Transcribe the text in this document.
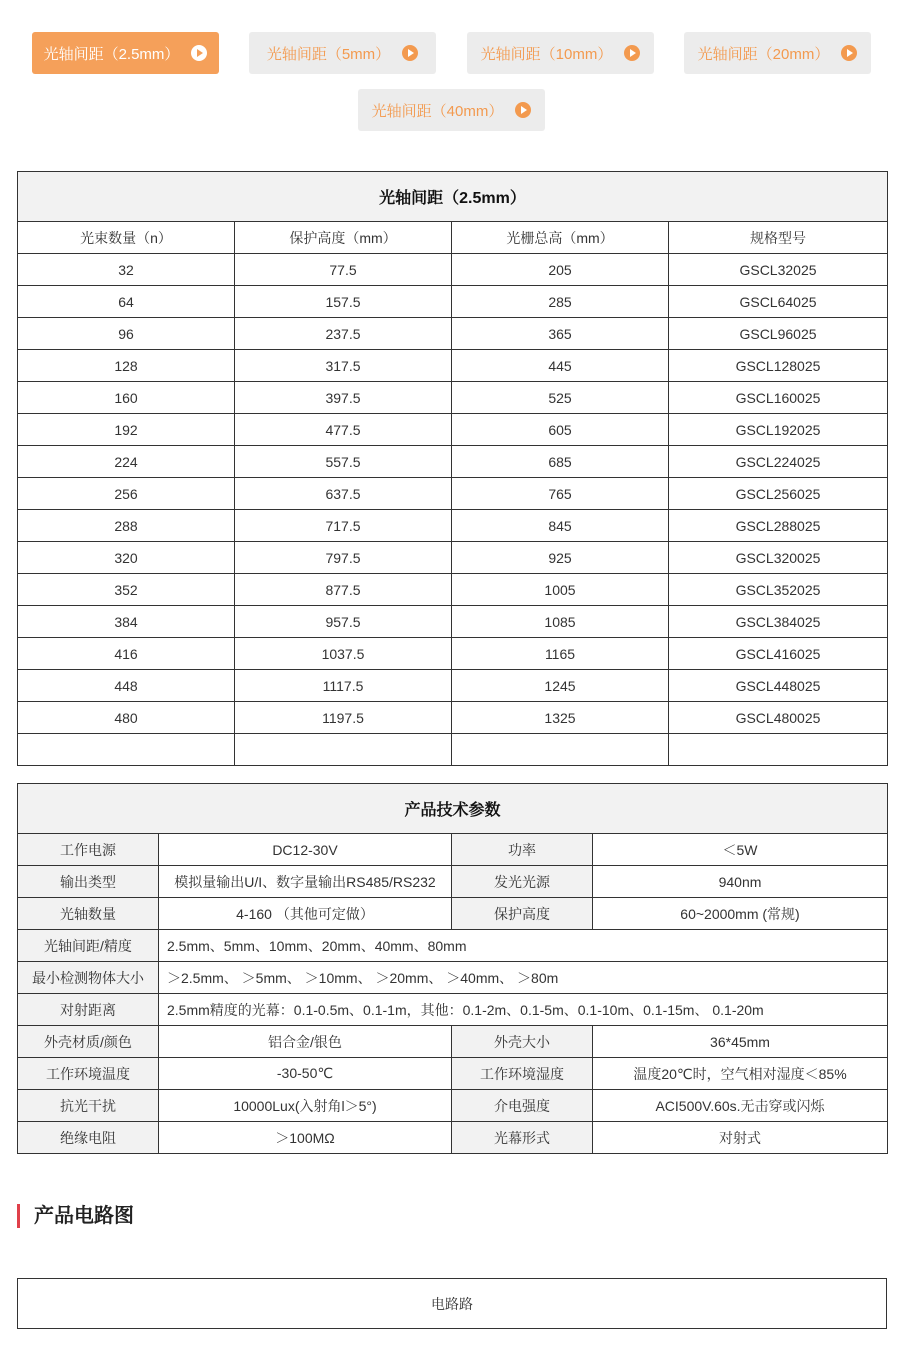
光轴间距（2.5mm）	光轴间距（5mm）	光轴间距（10mm）	光轴间距（20mm）
光轴间距（40mm）
光轴间距（2.5mm）			
光束数量（n）	保护高度（mm）	光栅总高（mm）	规格型号
32	77.5	205	GSCL32025
64	157.5	285	GSCL64025
96	237.5	365	GSCL96025
128	317.5	445	GSCL128025
160	397.5	525	GSCL160025
192	477.5	605	GSCL192025
224	557.5	685	GSCL224025
256	637.5	765	GSCL256025
288	717.5	845	GSCL288025
320	797.5	925	GSCL320025
352	877.5	1005	GSCL352025
384	957.5	1085	GSCL384025
416	1037.5	1165	GSCL416025
448	1117.5	1245	GSCL448025
480	1197.5	1325	GSCL480025

产品技术参数			
工作电源	DC12-30V	功率	＜5W
输出类型	模拟量输出U/I、数字量输出RS485/RS232	发光光源	940nm
光轴数量	4-160 （其他可定做）	保护高度	60~2000mm (常规)
光轴间距/精度	2.5mm、5mm、10mm、20mm、40mm、80mm		
最小检测物体大小	＞2.5mm、 ＞5mm、 ＞10mm、 ＞20mm、 ＞40mm、 ＞80m		
对射距离	2.5mm精度的光幕：0.1-0.5m、0.1-1m，其他：0.1-2m、0.1-5m、0.1-10m、0.1-15m、 0.1-20m		
外壳材质/颜色	铝合金/银色	外壳大小	36*45mm
工作环境温度	-30-50℃	工作环境湿度	温度20℃时，空气相对湿度＜85%
抗光干扰	10000Lux(入射角l＞5°)	介电强度	ACI500V.60s.无击穿或闪烁
绝缘电阻	＞100MΩ	光幕形式	对射式
产品电路图
电路路
